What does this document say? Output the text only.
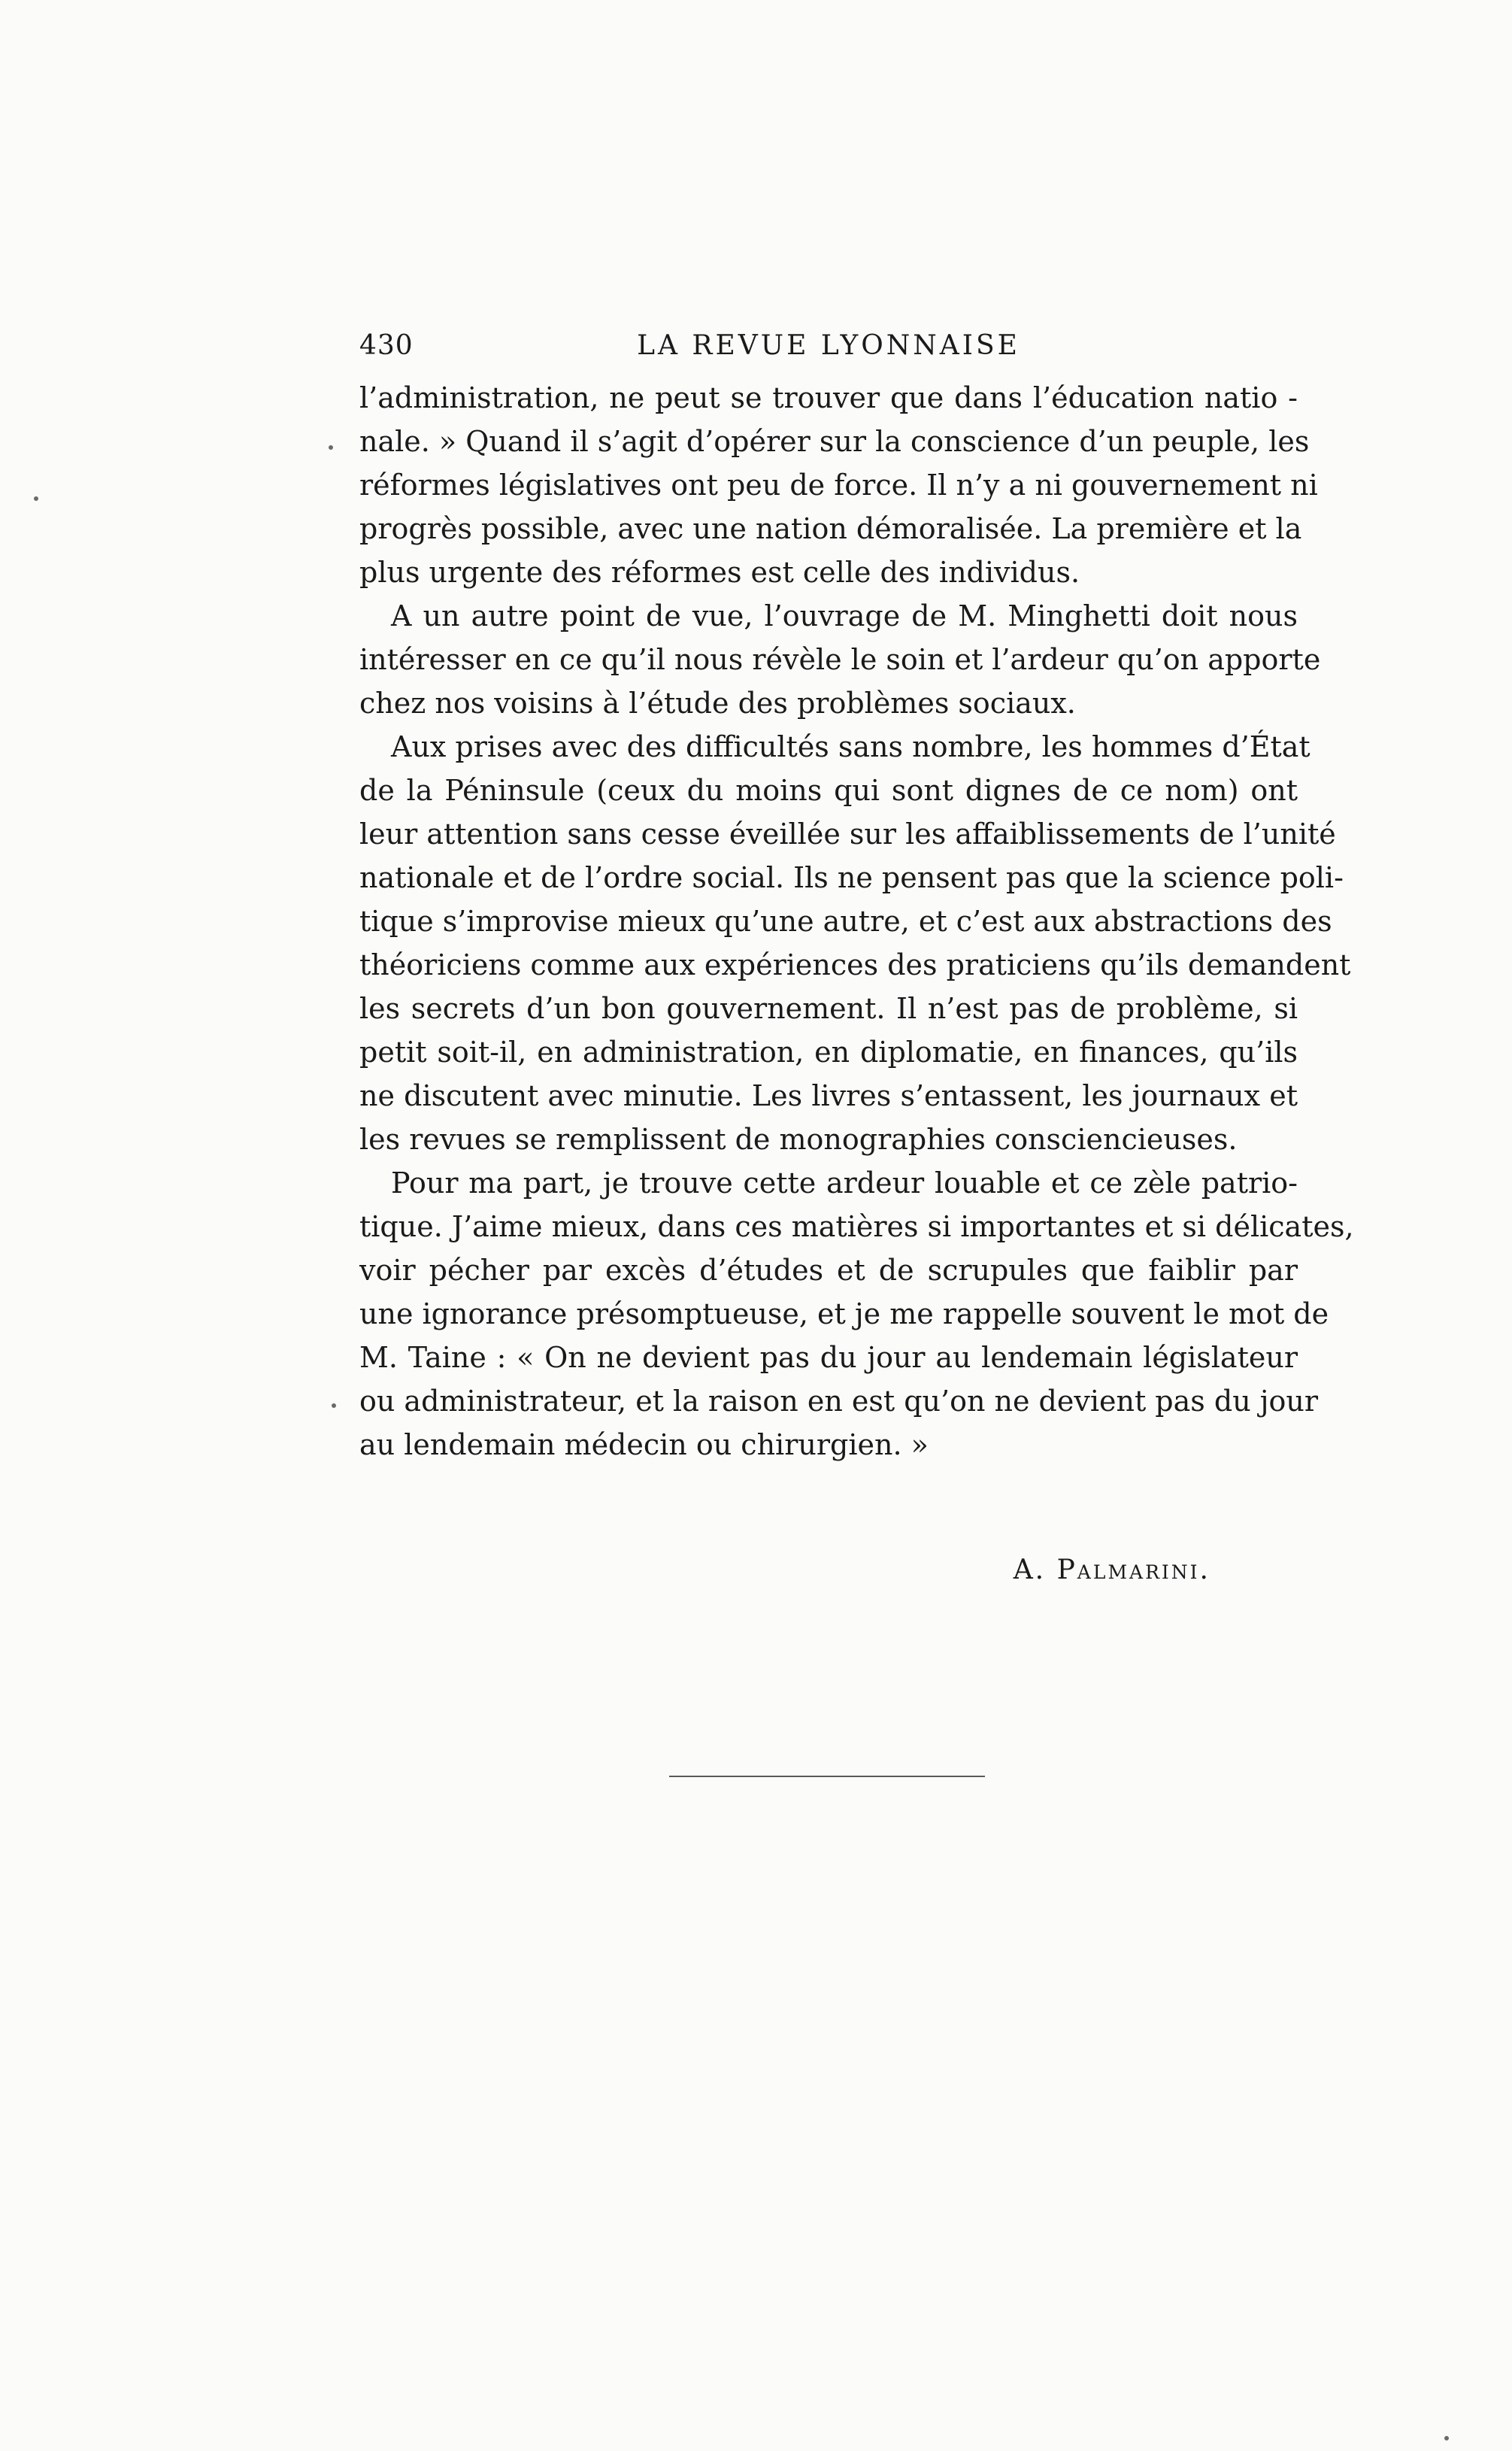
430	LA REVUE LYONNAISE
l’administration, ne peut se trouver que dans l’éducation natio -
nale. » Quand il s’agit d’opérer sur la conscience d’un peuple, les
réformes législatives ont peu de force. Il n’y a ni gouvernement ni
progrès possible, avec une nation démoralisée. La première et la
plus urgente des réformes est celle des individus.
A un autre point de vue, l’ouvrage de M. Minghetti doit nous
intéresser en ce qu’il nous révèle le soin et l’ardeur qu’on apporte
chez nos voisins à l’étude des problèmes sociaux.
Aux prises avec des difficultés sans nombre, les hommes d’État
de la Péninsule (ceux du moins qui sont dignes de ce nom) ont
leur attention sans cesse éveillée sur les affaiblissements de l’unité
nationale et de l’ordre social. Ils ne pensent pas que la science poli-
tique s’improvise mieux qu’une autre, et c’est aux abstractions des
théoriciens comme aux expériences des praticiens qu’ils demandent
les secrets d’un bon gouvernement. Il n’est pas de problème, si
petit soit-il, en administration, en diplomatie, en finances, qu’ils
ne discutent avec minutie. Les livres s’entassent, les journaux et
les revues se remplissent de monographies consciencieuses.
Pour ma part, je trouve cette ardeur louable et ce zèle patrio-
tique. J’aime mieux, dans ces matières si importantes et si délicates,
voir pécher par excès d’études et de scrupules que faiblir par
une ignorance présomptueuse, et je me rappelle souvent le mot de
M. Taine : « On ne devient pas du jour au lendemain législateur
ou administrateur, et la raison en est qu’on ne devient pas du jour
au lendemain médecin ou chirurgien. »
A. Palmarini.
